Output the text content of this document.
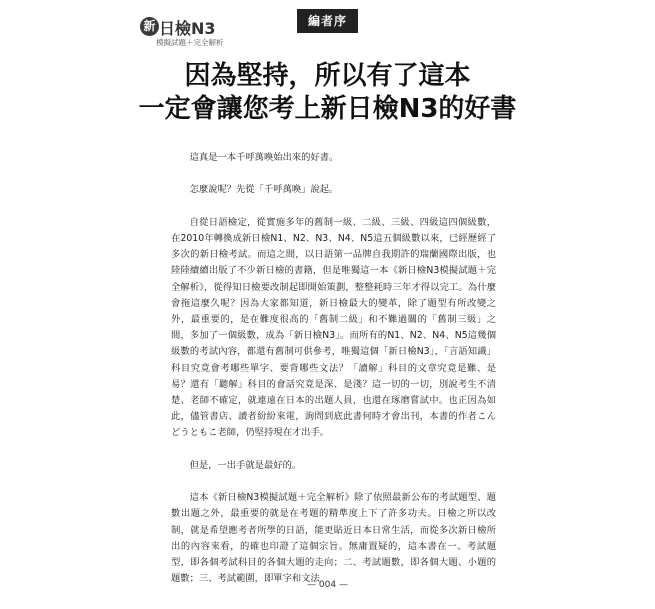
新 日檢N3
模擬試題＋完全解析
編者序
因為堅持，所以有了這本
一定會讓您考上新日檢N3的好書

這真是一本千呼萬喚始出來的好書。

怎麼說呢？先從「千呼萬喚」說起。

自從日語檢定，從實施多年的舊制一級、二級、三級、四級這四個級數，在2010年轉換成新日檢N1、N2、N3、N4、N5這五個級數以來，已經歷經了多次的新日檢考試。而這之間，以日語第一品牌自我期許的瑞蘭國際出版，也陸陸續續出版了不少新日檢的書籍，但是唯獨這一本《新日檢N3模擬試題＋完全解析》，從得知日檢要改制起即開始策劃，整整耗時三年才得以完工。為什麼會拖這麼久呢？因為大家都知道，新日檢最大的變革，除了題型有所改變之外，最重要的，是在難度很高的「舊制二級」和不難過關的「舊制三級」之間，多加了一個級數，成為「新日檢N3」。而所有的N1、N2、N4、N5這幾個級數的考試內容，都還有舊制可供參考，唯獨這個「新日檢N3」，「言語知識」科目究竟會考哪些單字、要背哪些文法？「讀解」科目的文章究竟是難、是易？還有「聽解」科目的會話究竟是深、是淺？這一切的一切，別說考生不清楚、老師不確定，就連遠在日本的出題人員，也還在琢磨嘗試中。也正因為如此，儘管書店、讀者紛紛來電，詢問到底此書何時才會出刊，本書的作者こんどうともこ老師，仍堅持現在才出手。

但是，一出手就是最好的。

這本《新日檢N3模擬試題＋完全解析》除了依照最新公布的考試題型、題數出題之外，最重要的就是在考題的精準度上下了許多功夫。日檢之所以改制，就是希望應考者所學的日語，能更貼近日本日常生活，而從多次新日檢所出的內容來看，的確也印證了這個宗旨。無庸置疑的，這本書在一、考試題型，即各個考試科目的各個大題的走向；二、考試題數，即各個大題、小題的題數；三、考試範圍，即單字和文法

— 004 —
